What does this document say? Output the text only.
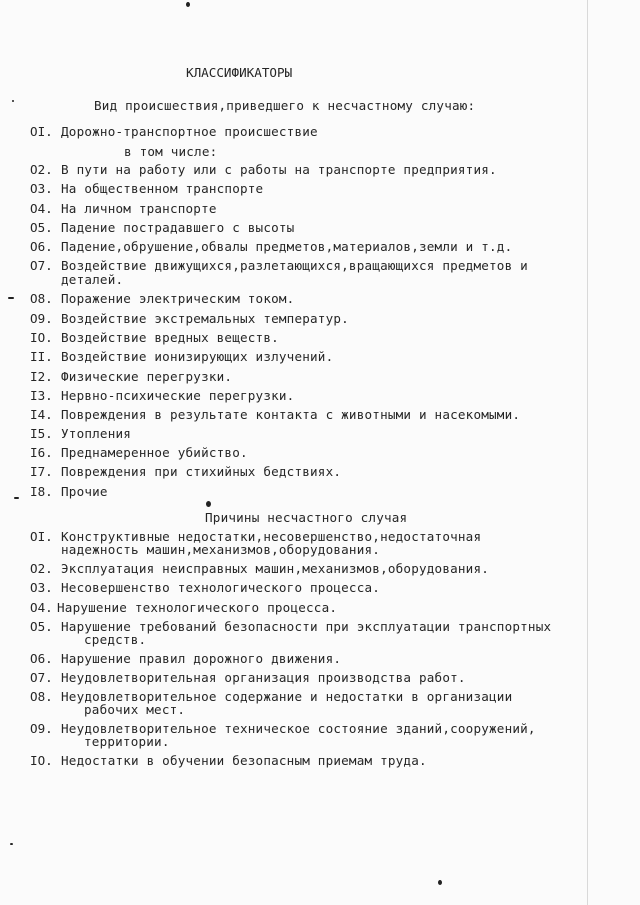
КЛАССИФИКАТОРЫ
Вид происшествия,приведшего к несчастному случаю:
OI. Дорожно-транспортное происшествие
в том числе:
O2. В пути на работу или с работы на транспорте предприятия.
O3. На общественном транспорте
O4. На личном транспорте
O5. Падение пострадавшего с высоты
O6. Падение,обрушение,обвалы предметов,материалов,земли и т.д.
O7. Воздействие движущихся,разлетающихся,вращающихся предметов и
деталей.
O8. Поражение электрическим током.
O9. Воздействие экстремальных температур.
IO. Воздействие вредных веществ.
II. Воздействие ионизирующих излучений.
I2. Физические перегрузки.
I3. Нервно-психические перегрузки.
I4. Повреждения в результате контакта с животными и насекомыми.
I5. Утопления
I6. Преднамеренное убийство.
I7. Повреждения при стихийных бедствиях.
I8. Прочие
Причины несчастного случая
OI. Конструктивные недостатки,несовершенство,недостаточная
надежность машин,механизмов,оборудования.
O2. Эксплуатация неисправных машин,механизмов,оборудования.
O3. Несовершенство технологического процесса.
O4. Нарушение технологического процесса.
O5. Нарушение требований безопасности при эксплуатации транспортных
средств.
O6. Нарушение правил дорожного движения.
O7. Неудовлетворительная организация производства работ.
O8. Неудовлетворительное содержание и недостатки в организации
рабочих мест.
O9. Неудовлетворительное техническое состояние зданий,сооружений,
территории.
IO. Недостатки в обучении безопасным приемам труда.
